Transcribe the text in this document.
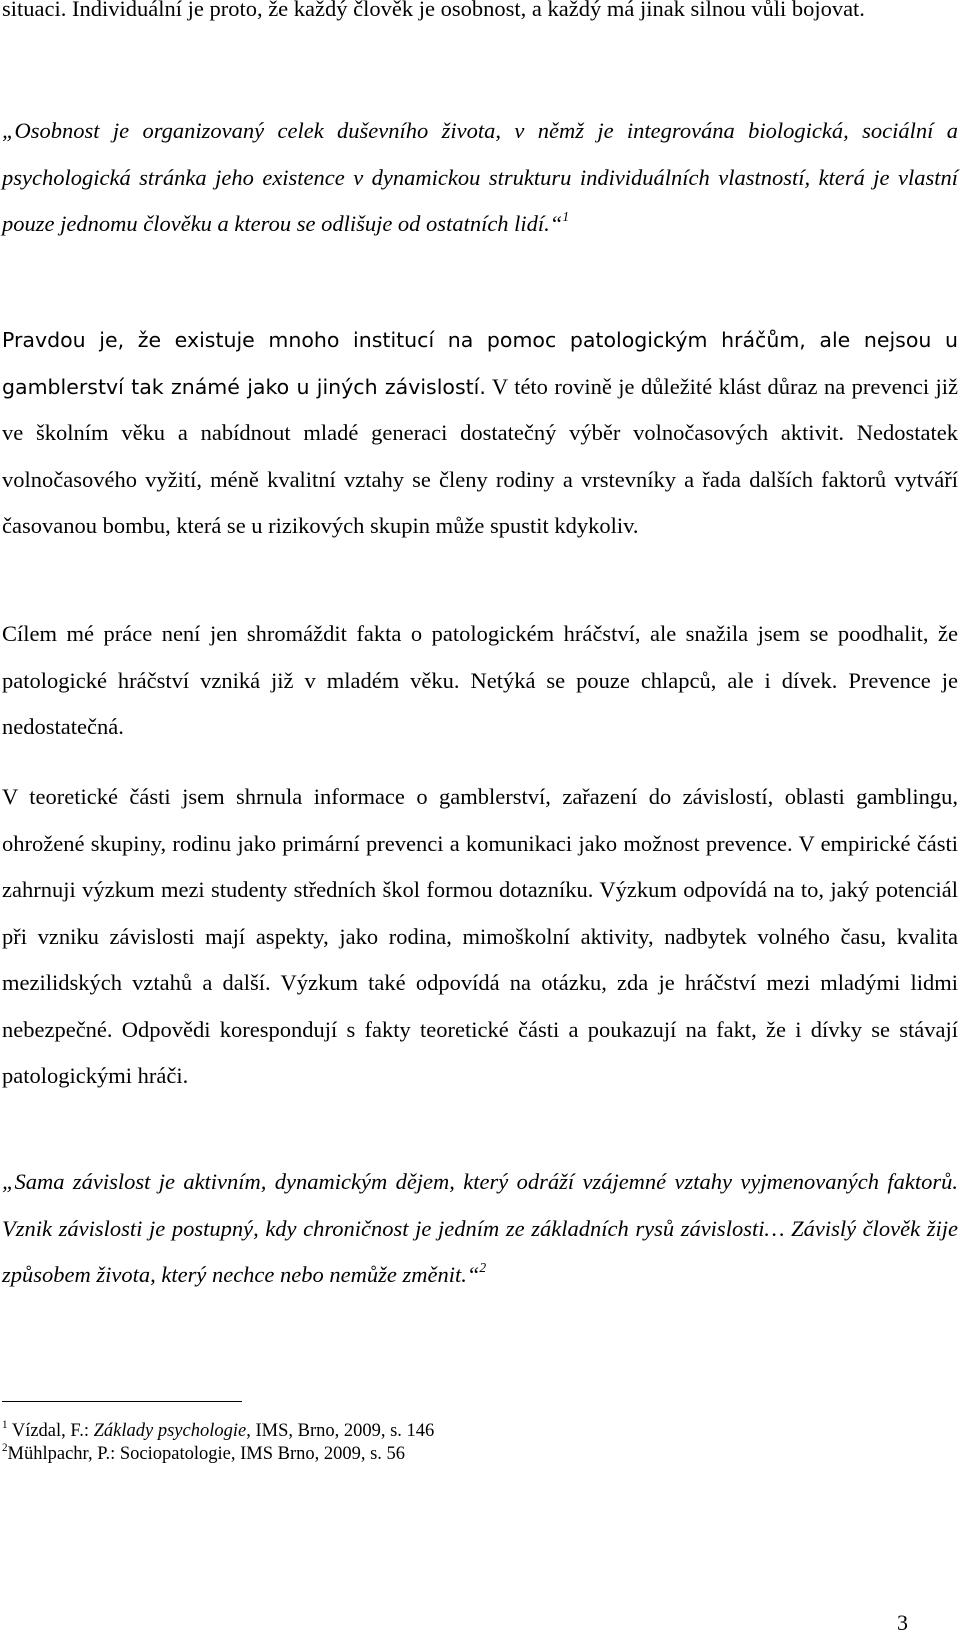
situaci. Individuální je proto, že každý člověk je osobnost, a každý má jinak silnou vůli bojovat.

„Osobnost je organizovaný celek duševního života, v němž je integrována biologická, sociální a psychologická stránka jeho existence v dynamickou strukturu individuálních vlastností, která je vlastní pouze jednomu člověku a kterou se odlišuje od ostatních lidí.“$^1$

Pravdou je, že existuje mnoho institucí na pomoc patologickým hráčům, ale nejsou u gamblerství tak známé jako u jiných závislostí. V této rovině je důležité klást důraz na prevenci již ve školním věku a nabídnout mladé generaci dostatečný výběr volnočasových aktivit. Nedostatek volnočasového vyžití, méně kvalitní vztahy se členy rodiny a vrstevníky a řada dalších faktorů vytváří časovanou bombu, která se u rizikových skupin může spustit kdykoliv.

Cílem mé práce není jen shromáždit fakta o patologickém hráčství, ale snažila jsem se poodhalit, že patologické hráčství vzniká již v mladém věku. Netýká se pouze chlapců, ale i dívek. Prevence je nedostatečná.

V teoretické části jsem shrnula informace o gamblerství, zařazení do závislostí, oblasti gamblingu, ohrožené skupiny, rodinu jako primární prevenci a komunikaci jako možnost prevence. V empirické části zahrnuji výzkum mezi studenty středních škol formou dotazníku. Výzkum odpovídá na to, jaký potenciál při vzniku závislosti mají aspekty, jako rodina, mimoškolní aktivity, nadbytek volného času, kvalita mezilidských vztahů a další. Výzkum také odpovídá na otázku, zda je hráčství mezi mladými lidmi nebezpečné. Odpovědi korespondují s fakty teoretické části a poukazují na fakt, že i dívky se stávají patologickými hráči.

„Sama závislost je aktivním, dynamickým dějem, který odráží vzájemné vztahy vyjmenovaných faktorů. Vznik závislosti je postupný, kdy chroničnost je jedním ze základních rysů závislosti… Závislý člověk žije způsobem života, který nechce nebo nemůže změnit.“$^2$

$^1$ Vízdal, F.: Základy psychologie, IMS, Brno, 2009, s. 146
$^2$Mühlpachr, P.: Sociopatologie, IMS Brno, 2009, s. 56
3
